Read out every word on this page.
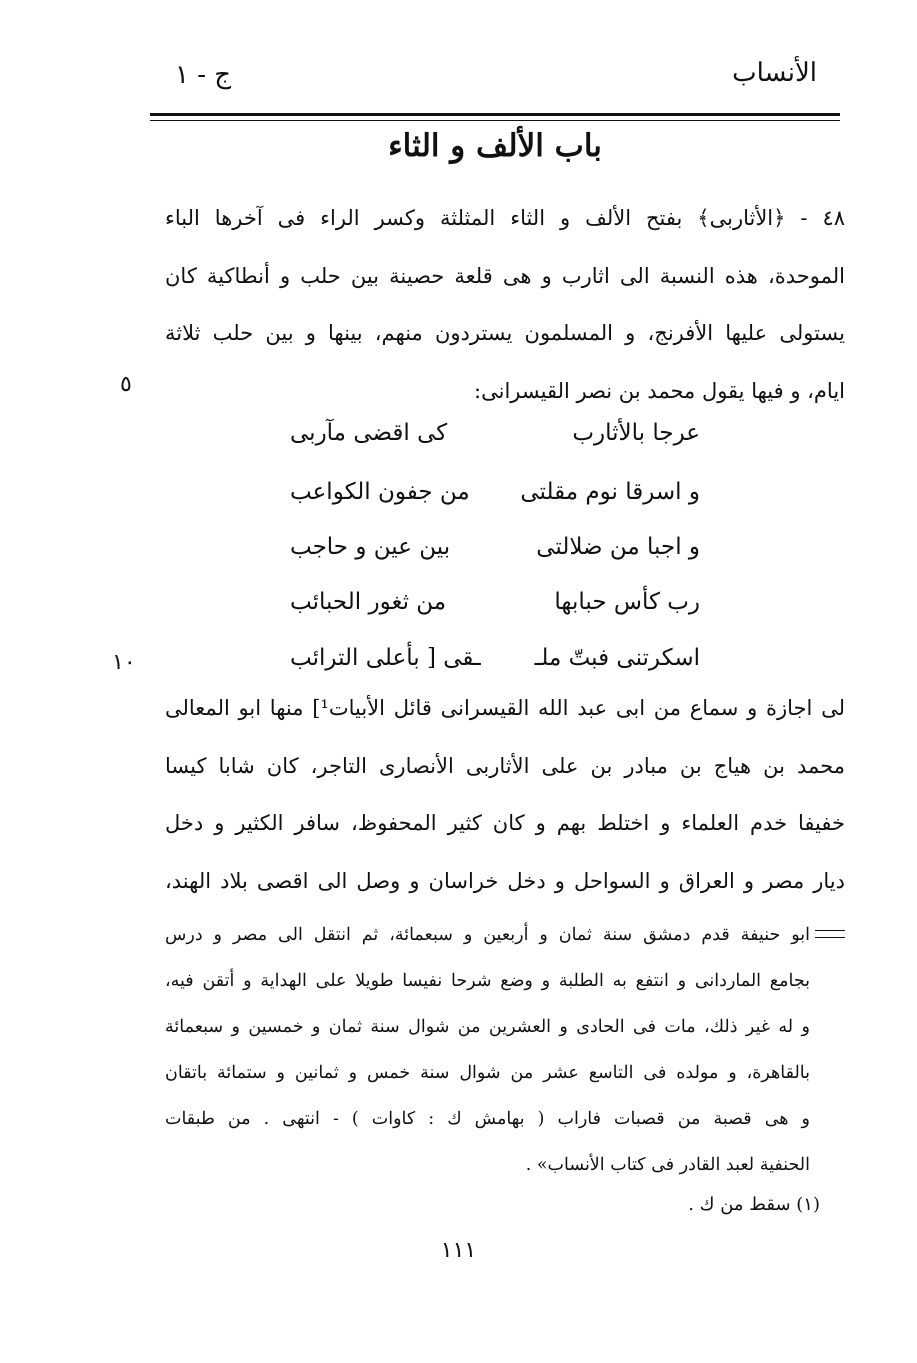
الأنساب
ج - ١
باب الألف و الثاء
٤٨ - ﴿الأثاربى﴾ بفتح الألف و الثاء المثلثة وكسر الراء فى آخرها الباء
الموحدة، هذه النسبة الى اثارب و هى قلعة حصينة بين حلب و أنطاكية كان
يستولى عليها الأفرنج، و المسلمون يستردون منهم، بينها و بين حلب ثلاثة
ايام، و فيها يقول محمد بن نصر القيسرانى:
٥
عرجا بالأثارب
كى اقضى مآربى
و اسرقا نوم مقلتى
من جفون الكواعب
و اجبا من ضلالتى
بين عين و حاجب
رب كأس حبابها
من ثغور الحبائب
اسكرتنى فبتّ ملـ
ـقى [ بأعلى الترائب
١٠
لى اجازة و سماع من ابى عبد الله القيسرانى قائل الأبيات¹] منها ابو المعالى
محمد بن هياج بن مبادر بن على الأثاربى الأنصارى التاجر، كان شابا كيسا
خفيفا خدم العلماء و اختلط بهم و كان كثير المحفوظ، سافر الكثير و دخل
ديار مصر و العراق و السواحل و دخل خراسان و وصل الى اقصى بلاد الهند،
ابو حنيفة قدم دمشق سنة ثمان و أربعين و سبعمائة، ثم انتقل الى مصر و درس
بجامع الماردانى و انتفع به الطلبة و وضع شرحا نفيسا طويلا على الهداية و أتقن فيه،
و له غير ذلك، مات فى الحادى و العشرين من شوال سنة ثمان و خمسين و سبعمائة
بالقاهرة، و مولده فى التاسع عشر من شوال سنة خمس و ثمانين و ستمائة باتقان
و هى قصبة من قصبات فاراب ( بهامش ك : كاوات ) - انتهى . من طبقات
الحنفية لعبد القادر فى كتاب الأنساب» .
(١) سقط من ك .
١١١
